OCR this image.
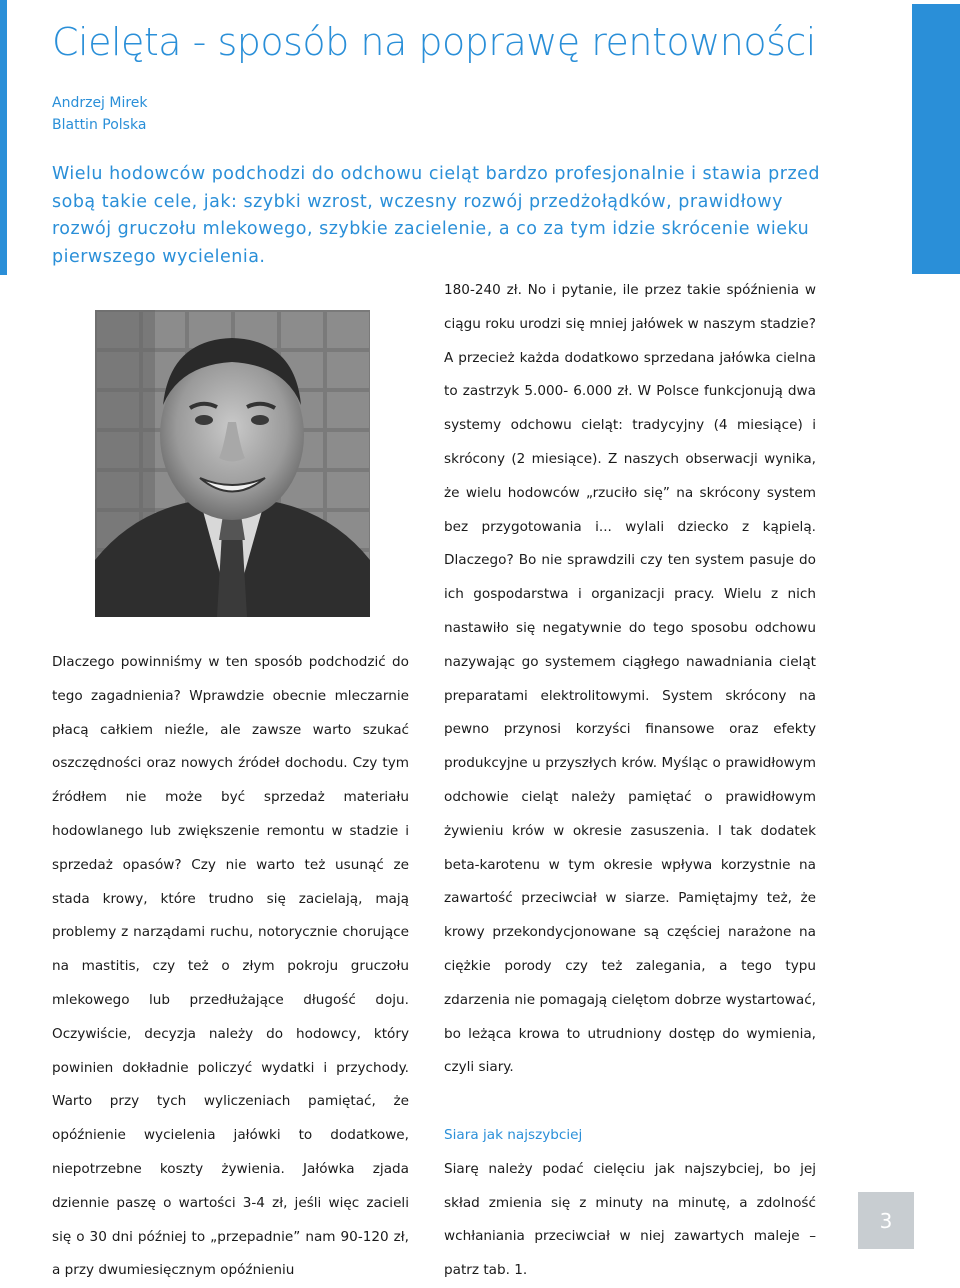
Cielęta - sposób na poprawę rentowności
Andrzej Mirek
Blattin Polska
Wielu hodowców podchodzi do odchowu cieląt bardzo profesjonalnie i stawia przed sobą takie cele, jak: szybki wzrost, wczesny rozwój przedżołądków, prawidłowy rozwój gruczołu mlekowego, szybkie zacielenie, a co za tym idzie skrócenie wieku pierwszego wycielenia.

180-240 zł. No i pytanie, ile przez takie spóźnienia w ciągu roku urodzi się mniej jałówek w naszym stadzie? A przecież każda dodatkowo sprzedana jałówka cielna to zastrzyk 5.000- 6.000 zł. W Polsce funkcjonują dwa systemy odchowu cieląt: tradycyjny (4 miesiące) i skrócony (2 miesiące). Z naszych obserwacji wynika, że wielu hodowców „rzuciło się” na skrócony system bez przygotowania i... wylali dziecko z kąpielą. Dlaczego? Bo nie sprawdzili czy ten system pasuje do ich gospodarstwa i organizacji pracy. Wielu z nich nastawiło się negatywnie do tego sposobu odchowu nazywając go systemem ciągłego nawadniania cieląt preparatami elektrolitowymi. System skrócony na pewno przynosi korzyści finansowe oraz efekty produkcyjne u przyszłych krów. Myśląc o prawidłowym odchowie cieląt należy pamiętać o prawidłowym żywieniu krów w okresie zasuszenia. I tak dodatek beta-karotenu w tym okresie wpływa korzystnie na zawartość przeciwciał w siarze. Pamiętajmy też, że krowy przekondycjonowane są częściej narażone na ciężkie porody czy też zalegania, a tego typu zdarzenia nie pomagają cielętom dobrze wystartować, bo leżąca krowa to utrudniony dostęp do wymienia, czyli siary.

Siara jak najszybciej

Siarę należy podać cielęciu jak najszybciej, bo jej skład zmienia się z minuty na minutę, a zdolność wchłaniania przeciwciał w niej zawartych maleje – patrz tab. 1.

Dlaczego powinniśmy w ten sposób podchodzić do tego zagadnienia? Wprawdzie obecnie mleczarnie płacą całkiem nieźle, ale zawsze warto szukać oszczędności oraz nowych źródeł dochodu. Czy tym źródłem nie może być sprzedaż materiału hodowlanego lub zwiększenie remontu w stadzie i sprzedaż opasów? Czy nie warto też usunąć ze stada krowy, które trudno się zacielają, mają problemy z narządami ruchu, notorycznie chorujące na mastitis, czy też o złym pokroju gruczołu mlekowego lub przedłużające długość doju. Oczywiście, decyzja należy do hodowcy, który powinien dokładnie policzyć wydatki i przychody. Warto przy tych wyliczeniach pamiętać, że opóźnienie wycielenia jałówki to dodatkowe, niepotrzebne koszty żywienia. Jałówka zjada dziennie paszę o wartości 3-4 zł, jeśli więc zacieli się o 30 dni później to „przepadnie” nam 90-120 zł, a przy dwumiesięcznym opóźnieniu

3
